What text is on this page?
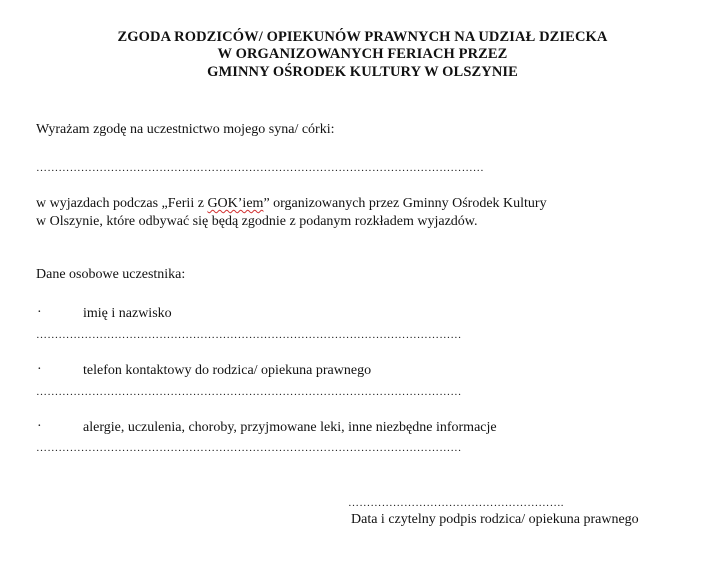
ZGODA RODZICÓW/ OPIEKUNÓW PRAWNYCH NA UDZIAŁ DZIECKA
W ORGANIZOWANYCH FERIACH PRZEZ
GMINNY OŚRODEK KULTURY W OLSZYNIE
Wyrażam zgodę na uczestnictwo mojego syna/ córki:
…………………………………………………………………………………………………………
w wyjazdach podczas „Ferii z GOK’iem” organizowanych przez Gminny Ośrodek Kultury
w Olszynie, które odbywać się będą zgodnie z podanym rozkładem wyjazdów.
Dane osobowe uczestnika:
·	imię i nazwisko
……………………………………………………………………………………………………
·	telefon kontaktowy do rodzica/ opiekuna prawnego
……………………………………………………………………………………………………
·	alergie, uczulenia, choroby, przyjmowane leki, inne niezbędne informacje
……………………………………………………………………………………………………
………………………………………………….
Data i czytelny podpis rodzica/ opiekuna prawnego
